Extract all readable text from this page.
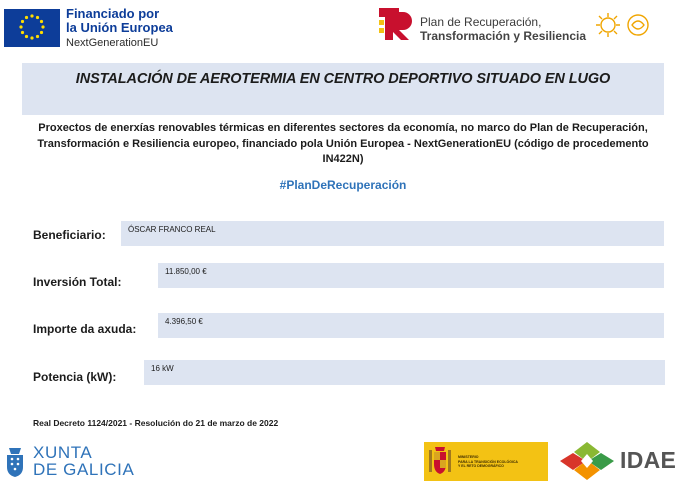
Financiado por
la Unión Europea
NextGenerationEU
Plan de Recuperación,
Transformación y Resiliencia
INSTALACIÓN DE AEROTERMIA EN CENTRO DEPORTIVO SITUADO EN LUGO

Proxectos de enerxías renovables térmicas en diferentes sectores da economía, no marco do Plan de Recuperación, Transformación e Resiliencia europeo, financiado pola Unión Europea - NextGenerationEU (código de procedemento IN422N)

#PlanDeRecuperación

Beneficiario:	ÓSCAR FRANCO REAL
Inversión Total:
11.850,00 €
Importe da axuda:
4.396,50 €
Potencia (kW):
16 kW
Real Decreto 1124/2021 - Resolución do 21 de marzo de 2022
XUNTA
DE GALICIA
MINISTERIO
PARA LA TRANSICIÓN ECOLÓGICA
Y EL RETO DEMOGRÁFICO	IDAE
